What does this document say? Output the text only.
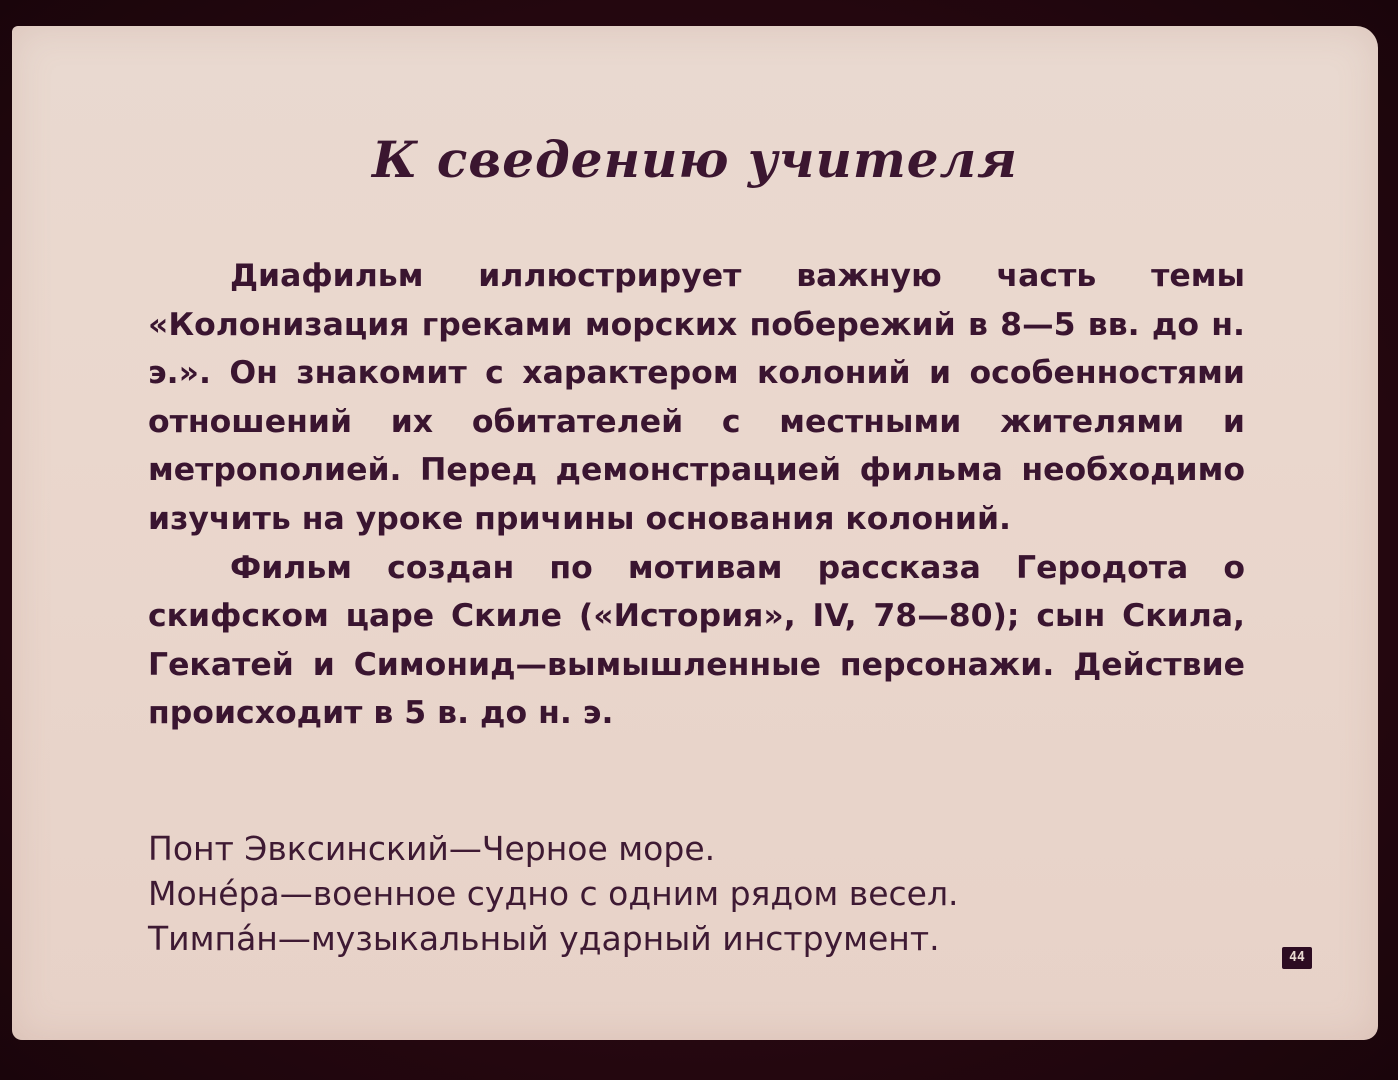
К сведению учителя

Диафильм иллюстрирует важную часть темы «Колонизация греками морских побережий в 8—5 вв. до н. э.». Он знакомит с характером колоний и особенностями отношений их обитателей с местными жителями и метрополией. Перед демонстрацией фильма необходимо изучить на уроке причины основания колоний.

Фильм создан по мотивам рассказа Геродота о скифском царе Скиле («История», IV, 78—80); сын Скила, Гекатей и Симонид—вымышленные персонажи. Действие происходит в 5 в. до н. э.

Понт Эвксинский—Черное море.
Моне́ра—военное судно с одним рядом весел.
Тимпа́н—музыкальный ударный инструмент.	44
